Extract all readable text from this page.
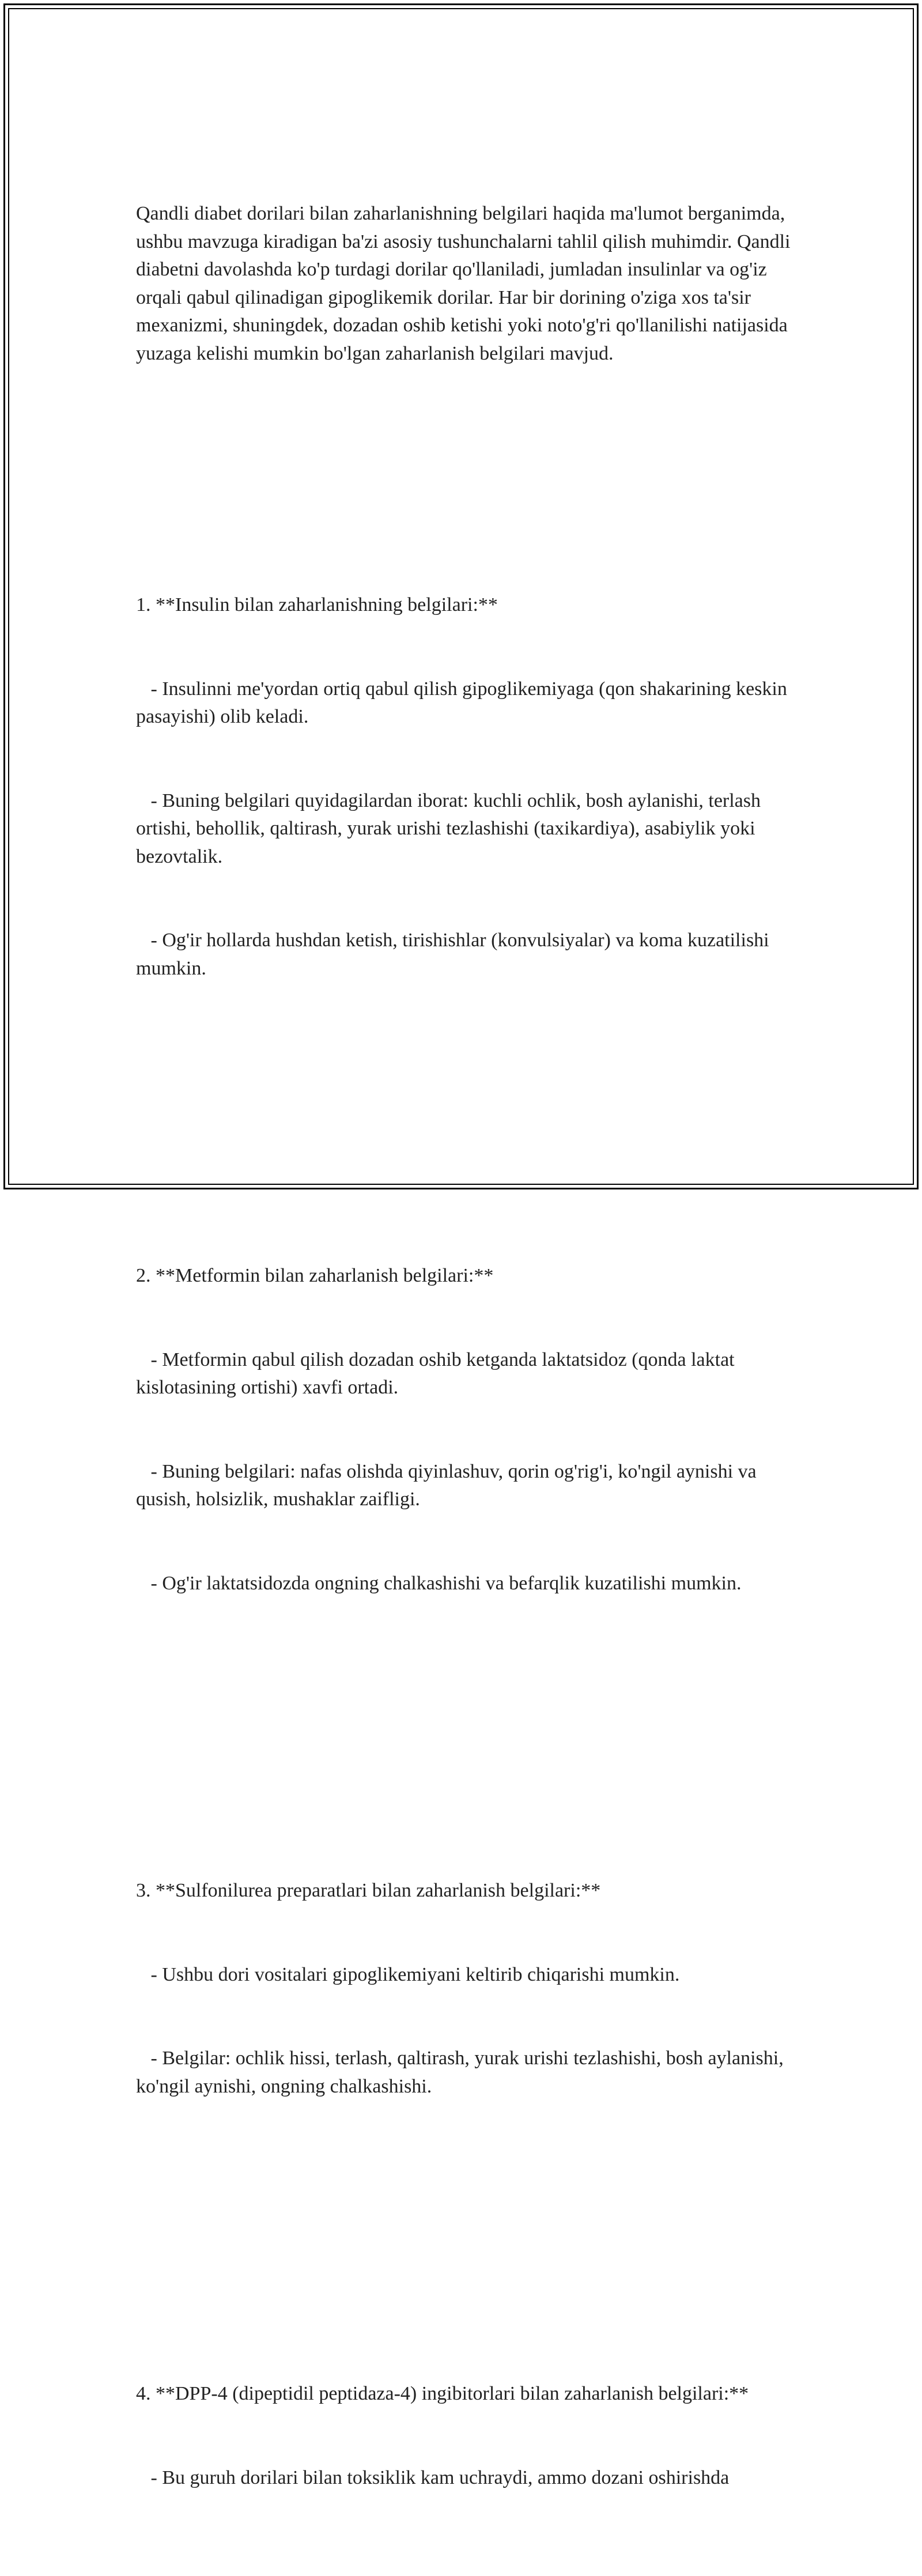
Qandli diabet dorilari bilan zaharlanishning belgilari haqida ma'lumot berganimda, ushbu mavzuga kiradigan ba'zi asosiy tushunchalarni tahlil qilish muhimdir. Qandli diabetni davolashda ko'p turdagi dorilar qo'llaniladi, jumladan insulinlar va og'iz orqali qabul qilinadigan gipoglikemik dorilar. Har bir dorining o'ziga xos ta'sir mexanizmi, shuningdek, dozadan oshib ketishi yoki noto'g'ri qo'llanilishi natijasida yuzaga kelishi mumkin bo'lgan zaharlanish belgilari mavjud.

1. **Insulin bilan zaharlanishning belgilari:**

- Insulinni me'yordan ortiq qabul qilish gipoglikemiyaga (qon shakarining keskin pasayishi) olib keladi.

- Buning belgilari quyidagilardan iborat: kuchli ochlik, bosh aylanishi, terlash ortishi, behollik, qaltirash, yurak urishi tezlashishi (taxikardiya), asabiylik yoki bezovtalik.

- Og'ir hollarda hushdan ketish, tirishishlar (konvulsiyalar) va koma kuzatilishi mumkin.

2. **Metformin bilan zaharlanish belgilari:**

- Metformin qabul qilish dozadan oshib ketganda laktatsidoz (qonda laktat kislotasining ortishi) xavfi ortadi.

- Buning belgilari: nafas olishda qiyinlashuv, qorin og'rig'i, ko'ngil aynishi va qusish, holsizlik, mushaklar zaifligi.

- Og'ir laktatsidozda ongning chalkashishi va befarqlik kuzatilishi mumkin.

3. **Sulfonilurea preparatlari bilan zaharlanish belgilari:**

- Ushbu dori vositalari gipoglikemiyani keltirib chiqarishi mumkin.

- Belgilar: ochlik hissi, terlash, qaltirash, yurak urishi tezlashishi, bosh aylanishi, ko'ngil aynishi, ongning chalkashishi.

4. **DPP-4 (dipeptidil peptidaza-4) ingibitorlari bilan zaharlanish belgilari:**

- Bu guruh dorilari bilan toksiklik kam uchraydi, ammo dozani oshirishda
